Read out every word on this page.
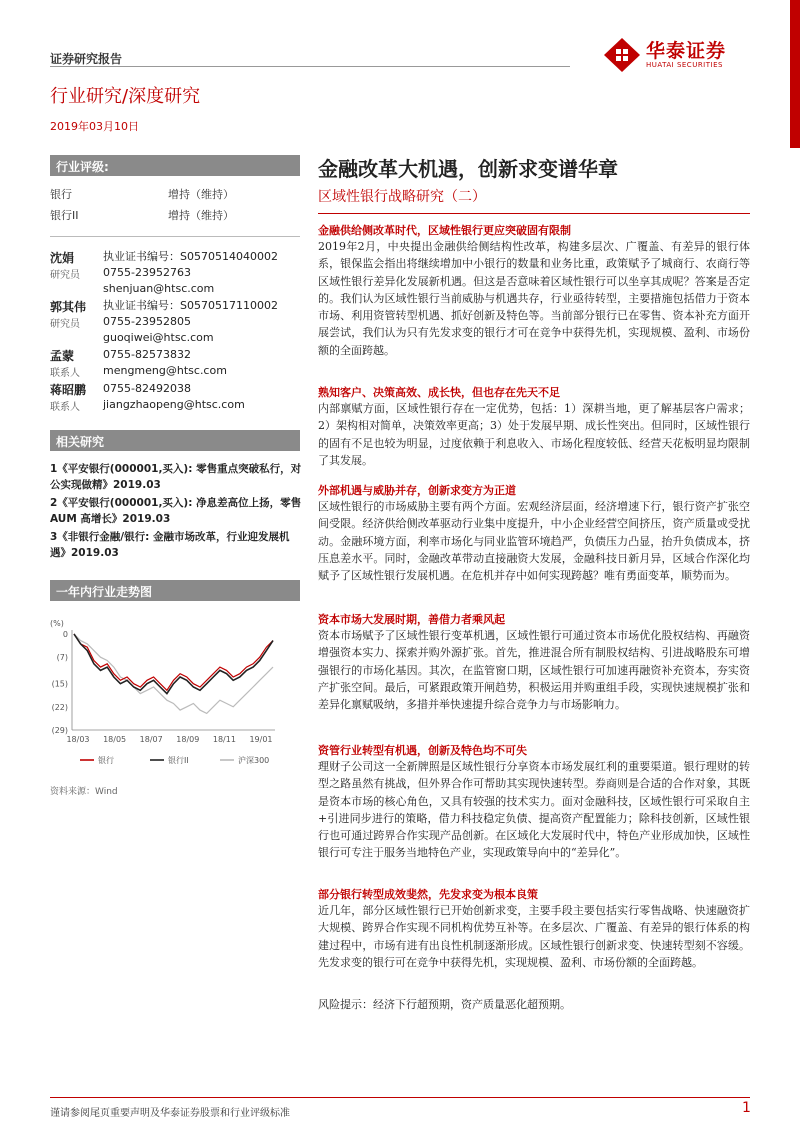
证券研究报告	华泰证券
HUATAI SECURITIES
行业研究/深度研究
2019年03月10日
行业评级:
银行	增持（维持）
银行II	增持（维持）
沈娟
研究员
执业证书编号：S0570514040002
0755-23952763
shenjuan@htsc.com
郭其伟
研究员
执业证书编号：S0570517110002
0755-23952805
guoqiwei@htsc.com
孟蒙
联系人
0755-82573832
mengmeng@htsc.com
蒋昭鹏
联系人
0755-82492038
jiangzhaopeng@htsc.com
相关研究
1《平安银行(000001,买入): 零售重点突破私行，对公实现做精》2019.03
2《平安银行(000001,买入): 净息差高位上扬，零售 AUM 高增长》2019.03
3《非银行金融/银行: 金融市场改革，行业迎发展机遇》2019.03
一年内行业走势图
(%)
0
(7)
(15)
(22)
(29)
18/03 18/05 18/07 18/09 18/11 19/01
银行	银行II	沪深300
资料来源：Wind
金融改革大机遇，创新求变谱华章
区域性银行战略研究（二）
金融供给侧改革时代，区域性银行更应突破固有限制
2019年2月，中央提出金融供给侧结构性改革，构建多层次、广覆盖、有差异的银行体系，银保监会指出将继续增加中小银行的数量和业务比重，政策赋予了城商行、农商行等区域性银行差异化发展新机遇。但这是否意味着区域性银行可以坐享其成呢？答案是否定的。我们认为区域性银行当前威胁与机遇共存，行业亟待转型，主要措施包括借力于资本市场、利用资管转型机遇、抓好创新及特色等。当前部分银行已在零售、资本补充方面开展尝试，我们认为只有先发求变的银行才可在竞争中获得先机，实现规模、盈利、市场份额的全面跨越。
熟知客户、决策高效、成长快，但也存在先天不足
内部禀赋方面，区域性银行存在一定优势，包括：1）深耕当地，更了解基层客户需求；2）架构相对简单，决策效率更高；3）处于发展早期、成长性突出。但同时，区域性银行的固有不足也较为明显，过度依赖于利息收入、市场化程度较低、经营天花板明显均限制了其发展。
外部机遇与威胁并存，创新求变方为正道
区域性银行的市场威胁主要有两个方面。宏观经济层面，经济增速下行，银行资产扩张空间受限。经济供给侧改革驱动行业集中度提升，中小企业经营空间挤压，资产质量或受扰动。金融环境方面，利率市场化与同业监管环境趋严，负债压力凸显，抬升负债成本，挤压息差水平。同时，金融改革带动直接融资大发展，金融科技日新月异，区域合作深化均赋予了区域性银行发展机遇。在危机并存中如何实现跨越？唯有勇面变革，顺势而为。
资本市场大发展时期，善借力者乘风起
资本市场赋予了区域性银行变革机遇，区域性银行可通过资本市场优化股权结构、再融资增强资本实力、探索并购外源扩张。首先，推进混合所有制股权结构、引进战略股东可增强银行的市场化基因。其次，在监管窗口期，区域性银行可加速再融资补充资本，夯实资产扩张空间。最后，可紧跟政策开闸趋势，积极运用并购重组手段，实现快速规模扩张和差异化禀赋吸纳，多措并举快速提升综合竞争力与市场影响力。
资管行业转型有机遇，创新及特色均不可失
理财子公司这一全新牌照是区域性银行分享资本市场发展红利的重要渠道。银行理财的转型之路虽然有挑战，但外界合作可帮助其实现快速转型。券商则是合适的合作对象，其既是资本市场的核心角色，又具有较强的技术实力。面对金融科技，区域性银行可采取自主+引进同步进行的策略，借力科技稳定负债、提高资产配置能力；除科技创新，区域性银行也可通过跨界合作实现产品创新。在区域化大发展时代中，特色产业形成加快，区域性银行可专注于服务当地特色产业，实现政策导向中的“差异化”。
部分银行转型成效斐然，先发求变为根本良策
近几年，部分区域性银行已开始创新求变，主要手段主要包括实行零售战略、快速融资扩大规模、跨界合作实现不同机构优势互补等。在多层次、广覆盖、有差异的银行体系的构建过程中，市场有进有出良性机制逐渐形成。区域性银行创新求变、快速转型刻不容缓。先发求变的银行可在竞争中获得先机，实现规模、盈利、市场份额的全面跨越。
风险提示：经济下行超预期，资产质量恶化超预期。
谨请参阅尾页重要声明及华泰证券股票和行业评级标准	1
